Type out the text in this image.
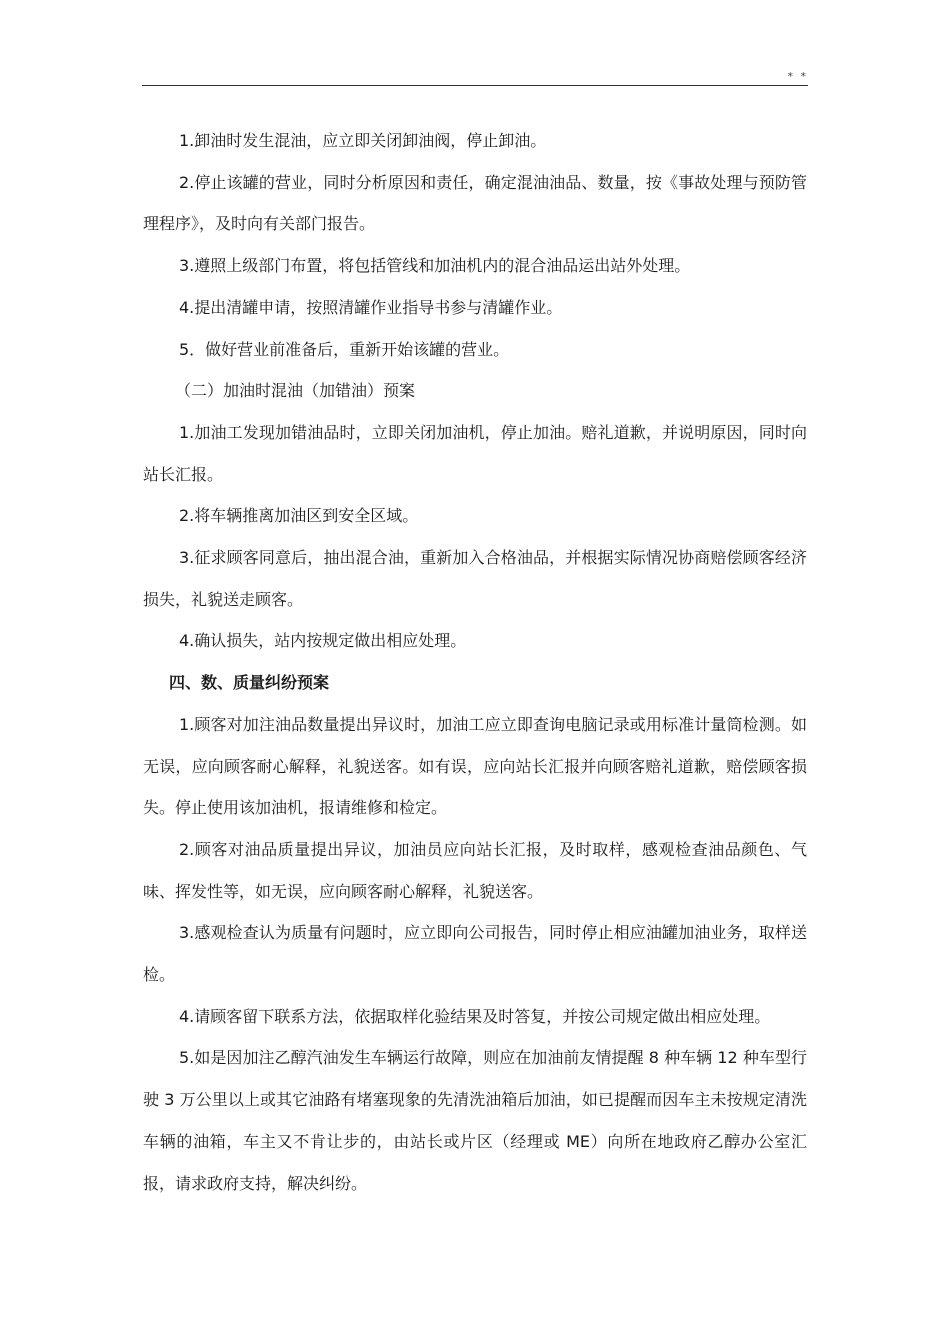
* *

1.卸油时发生混油，应立即关闭卸油阀，停止卸油。

2.停止该罐的营业，同时分析原因和责任，确定混油油品、数量，按《事故处理与预防管理程序》，及时向有关部门报告。

3.遵照上级部门布置，将包括管线和加油机内的混合油品运出站外处理。

4.提出清罐申请，按照清罐作业指导书参与清罐作业。

5．做好营业前准备后，重新开始该罐的营业。

（二）加油时混油（加错油）预案

1.加油工发现加错油品时，立即关闭加油机，停止加油。赔礼道歉，并说明原因，同时向站长汇报。

2.将车辆推离加油区到安全区域。

3.征求顾客同意后，抽出混合油，重新加入合格油品，并根据实际情况协商赔偿顾客经济损失，礼貌送走顾客。

4.确认损失，站内按规定做出相应处理。

四、数、质量纠纷预案

1.顾客对加注油品数量提出异议时，加油工应立即查询电脑记录或用标准计量筒检测。如无误，应向顾客耐心解释，礼貌送客。如有误，应向站长汇报并向顾客赔礼道歉，赔偿顾客损失。停止使用该加油机，报请维修和检定。

2.顾客对油品质量提出异议，加油员应向站长汇报，及时取样，感观检查油品颜色、气味、挥发性等，如无误，应向顾客耐心解释，礼貌送客。

3.感观检查认为质量有问题时，应立即向公司报告，同时停止相应油罐加油业务，取样送检。

4.请顾客留下联系方法，依据取样化验结果及时答复，并按公司规定做出相应处理。

5.如是因加注乙醇汽油发生车辆运行故障，则应在加油前友情提醒 8 种车辆 12 种车型行驶 3 万公里以上或其它油路有堵塞现象的先清洗油箱后加油，如已提醒而因车主未按规定清洗车辆的油箱，车主又不肯让步的，由站长或片区（经理或 ME）向所在地政府乙醇办公室汇报，请求政府支持，解决纠纷。
